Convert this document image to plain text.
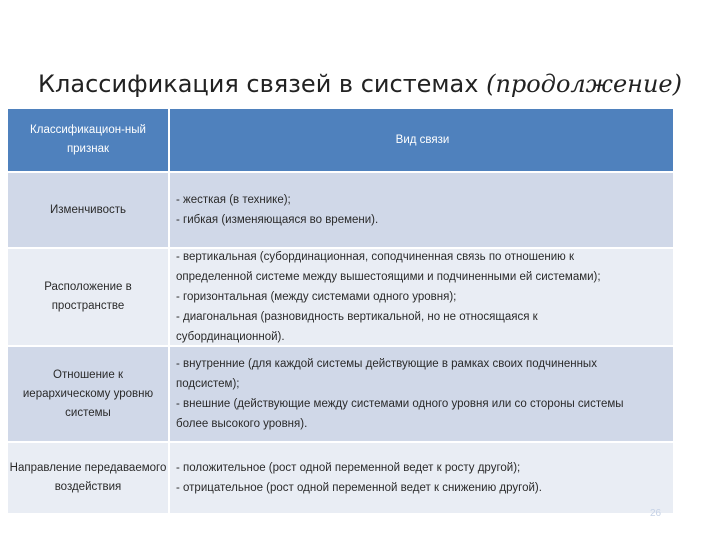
Классификация связей в системах (продолжение)
Классификацион-ный признак
Вид связи
Изменчивость
- жесткая (в технике);
- гибкая (изменяющаяся во времени).
Расположение в пространстве
- вертикальная (субординационная, соподчиненная связь по отношению к
определенной системе между вышестоящими и подчиненными ей системами);
- горизонтальная (между системами одного уровня);
- диагональная (разновидность вертикальной, но не относящаяся к
субординационной).
Отношение к иерархическому уровню системы
- внутренние (для каждой системы действующие в рамках своих подчиненных
подсистем);
- внешние (действующие между системами одного уровня или со стороны системы
более высокого уровня).
Направление передаваемого воздействия
- положительное (рост одной переменной ведет к росту другой);
- отрицательное (рост одной переменной ведет к снижению другой).
26
